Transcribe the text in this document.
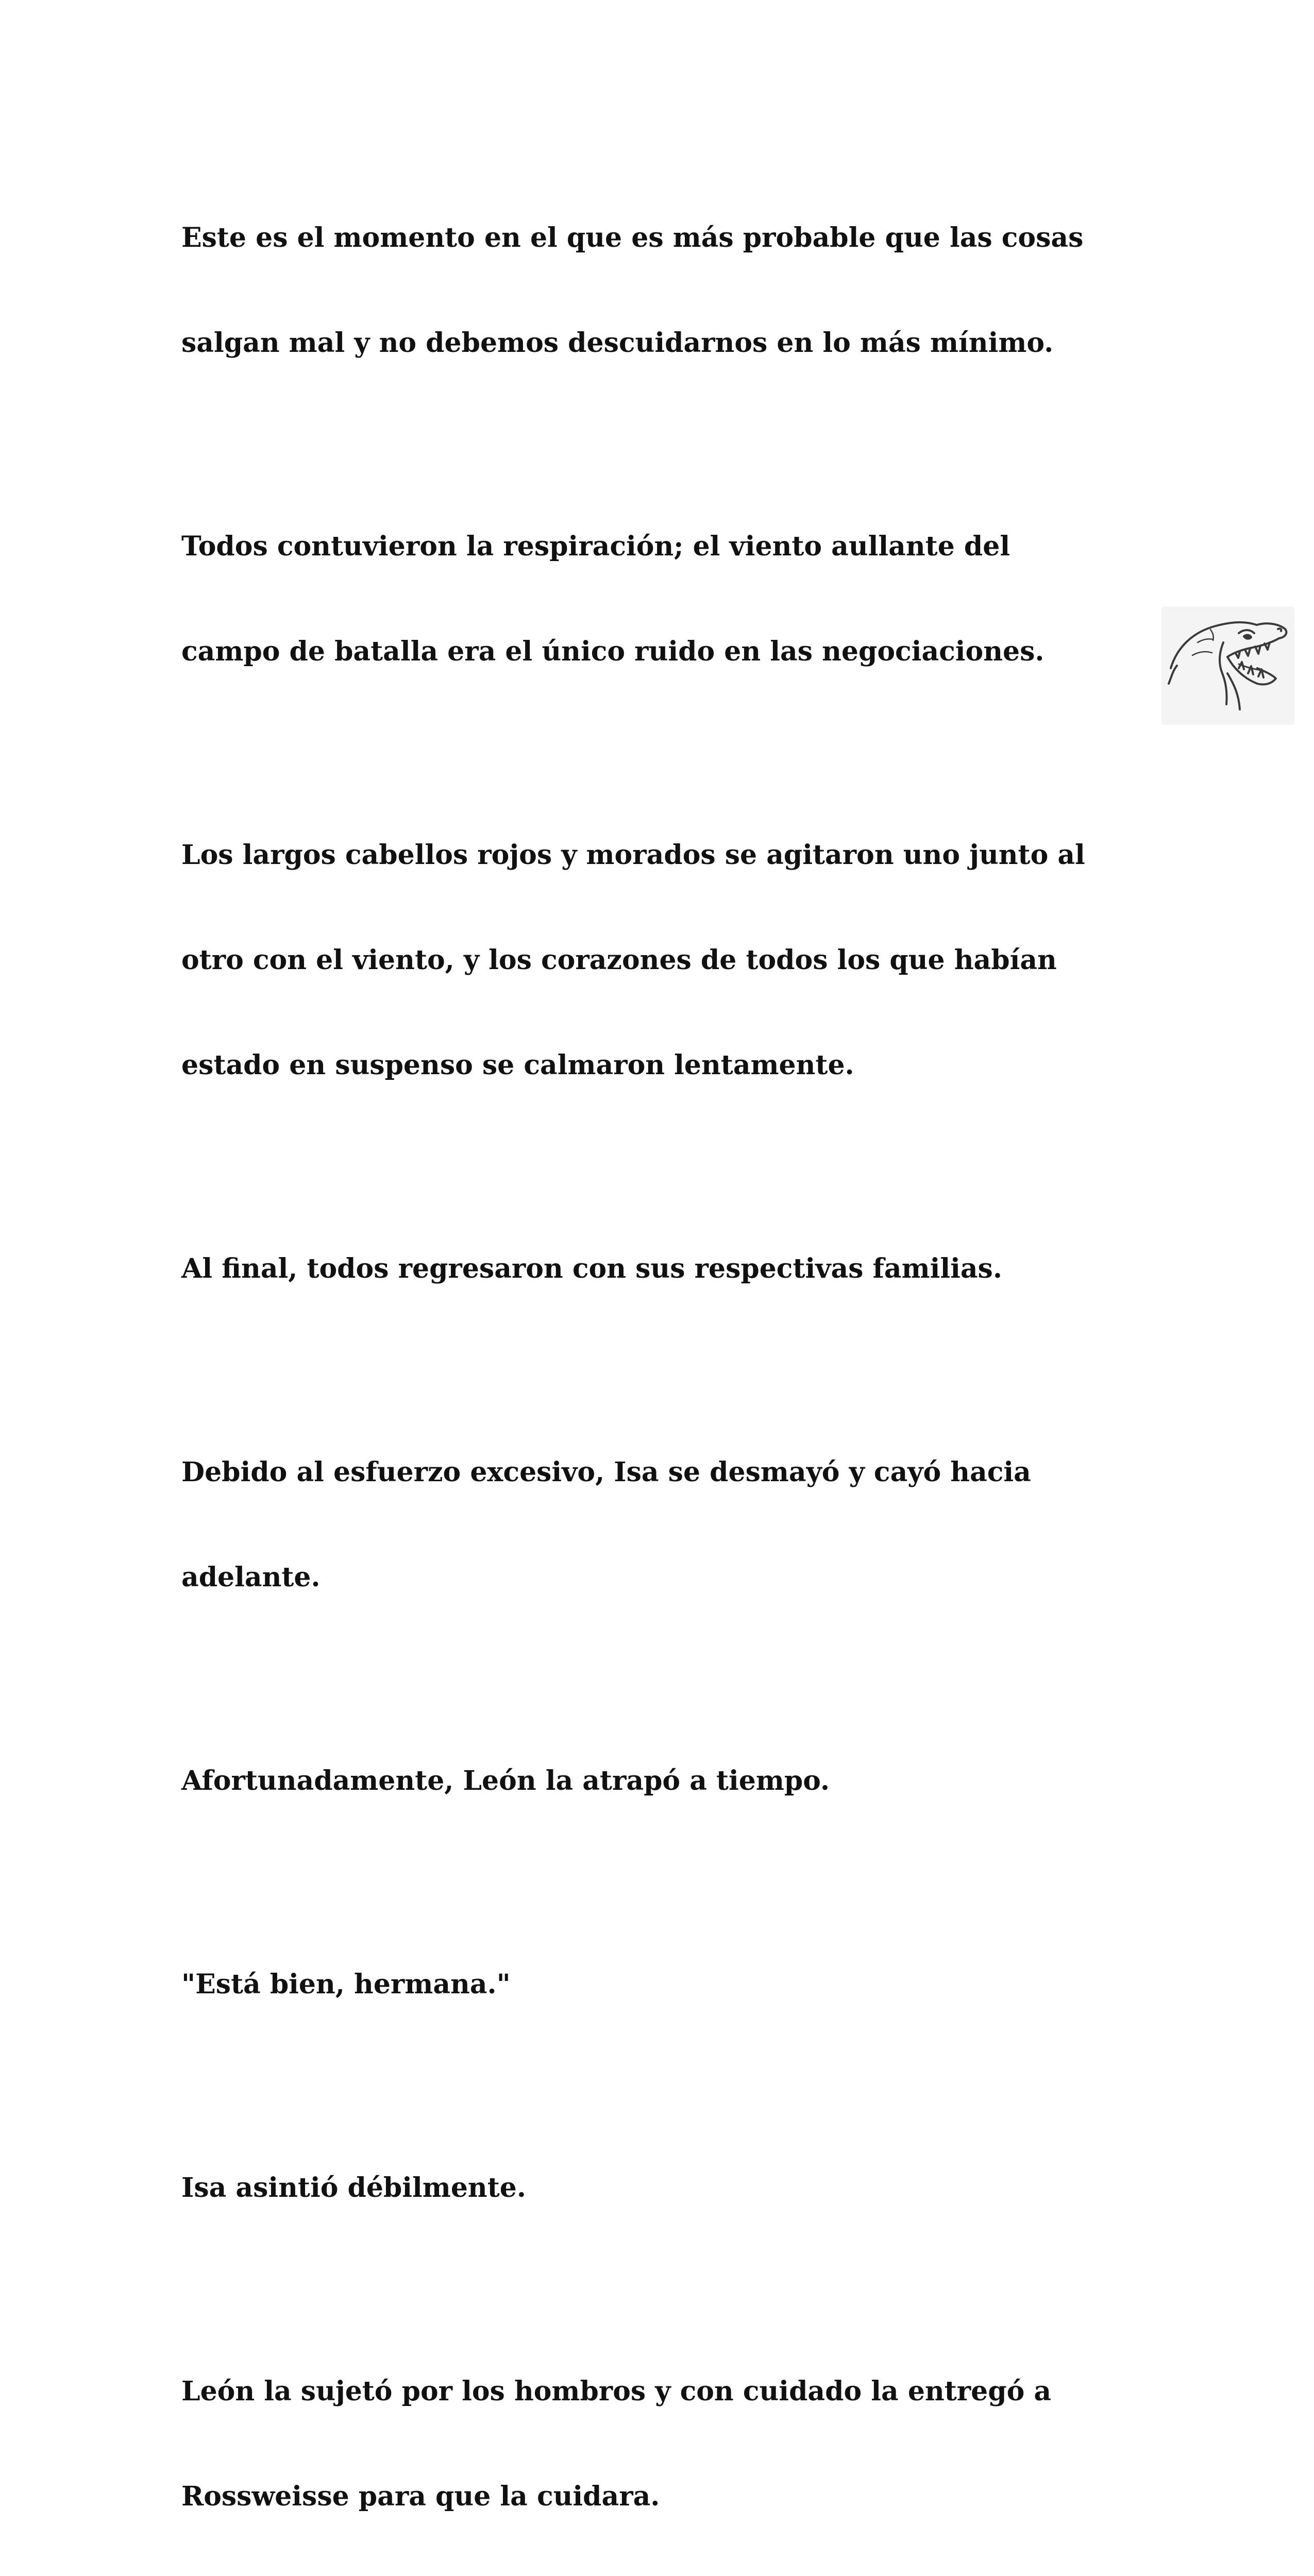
Este es el momento en el que es más probable que las cosas

salgan mal y no debemos descuidarnos en lo más mínimo.

Todos contuvieron la respiración; el viento aullante del

campo de batalla era el único ruido en las negociaciones.

Los largos cabellos rojos y morados se agitaron uno junto al

otro con el viento, y los corazones de todos los que habían

estado en suspenso se calmaron lentamente.

Al final, todos regresaron con sus respectivas familias.

Debido al esfuerzo excesivo, Isa se desmayó y cayó hacia

adelante.

Afortunadamente, León la atrapó a tiempo.

"Está bien, hermana."

Isa asintió débilmente.

León la sujetó por los hombros y con cuidado la entregó a

Rossweisse para que la cuidara.
